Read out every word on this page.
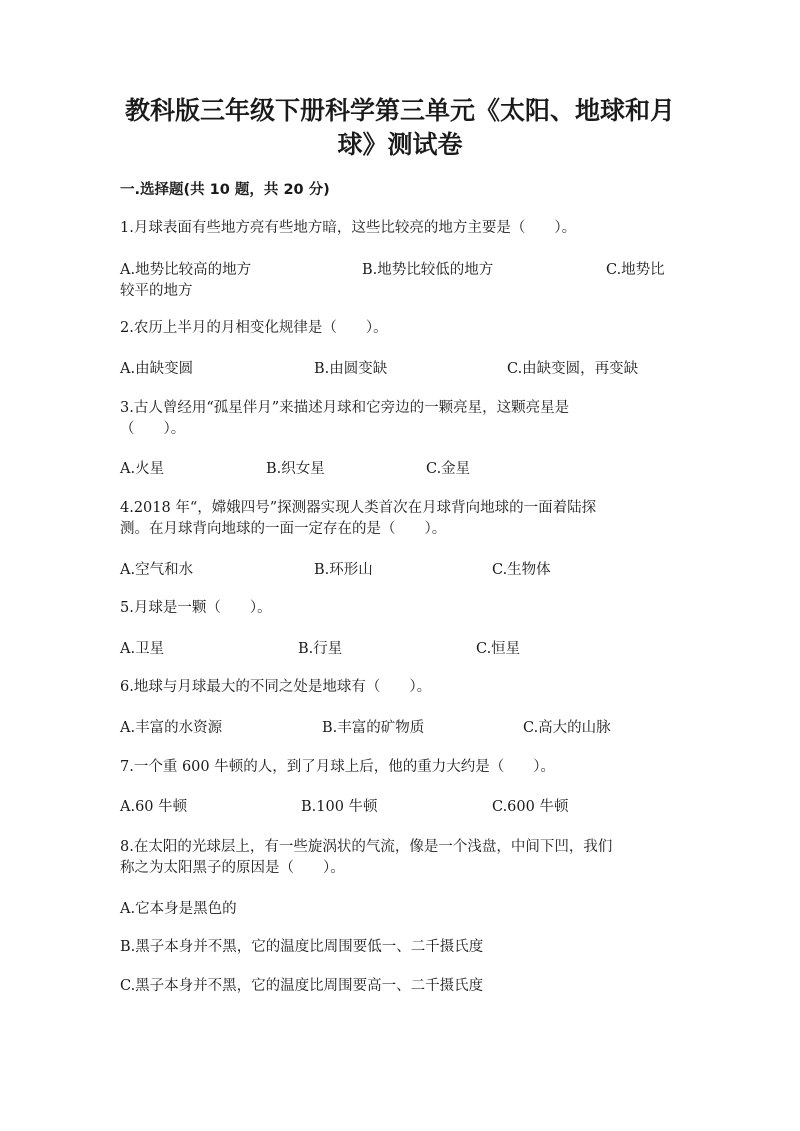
教科版三年级下册科学第三单元《太阳、地球和月
球》测试卷
一.选择题(共 10 题，共 20 分)
1.月球表面有些地方亮有些地方暗，这些比较亮的地方主要是（　　）。
A.地势比较高的地方	B.地势比较低的地方	C.地势比
较平的地方
2.农历上半月的月相变化规律是（　　）。
A.由缺变圆	B.由圆变缺	C.由缺变圆，再变缺
3.古人曾经用“孤星伴月”来描述月球和它旁边的一颗亮星，这颗亮星是
（　　）。
A.火星	B.织女星	C.金星
4.2018 年“，嫦娥四号”探测器实现人类首次在月球背向地球的一面着陆探
测。在月球背向地球的一面一定存在的是（　　）。
A.空气和水	B.环形山	C.生物体
5.月球是一颗（　　）。
A.卫星	B.行星	C.恒星
6.地球与月球最大的不同之处是地球有（　　）。
A.丰富的水资源	B.丰富的矿物质	C.高大的山脉
7.一个重 600 牛顿的人，到了月球上后，他的重力大约是（　　）。
A.60 牛顿	B.100 牛顿	C.600 牛顿
8.在太阳的光球层上，有一些旋涡状的气流，像是一个浅盘，中间下凹，我们
称之为太阳黑子的原因是（　　）。
A.它本身是黑色的
B.黑子本身并不黑，它的温度比周围要低一、二千摄氏度
C.黑子本身并不黑，它的温度比周围要高一、二千摄氏度
